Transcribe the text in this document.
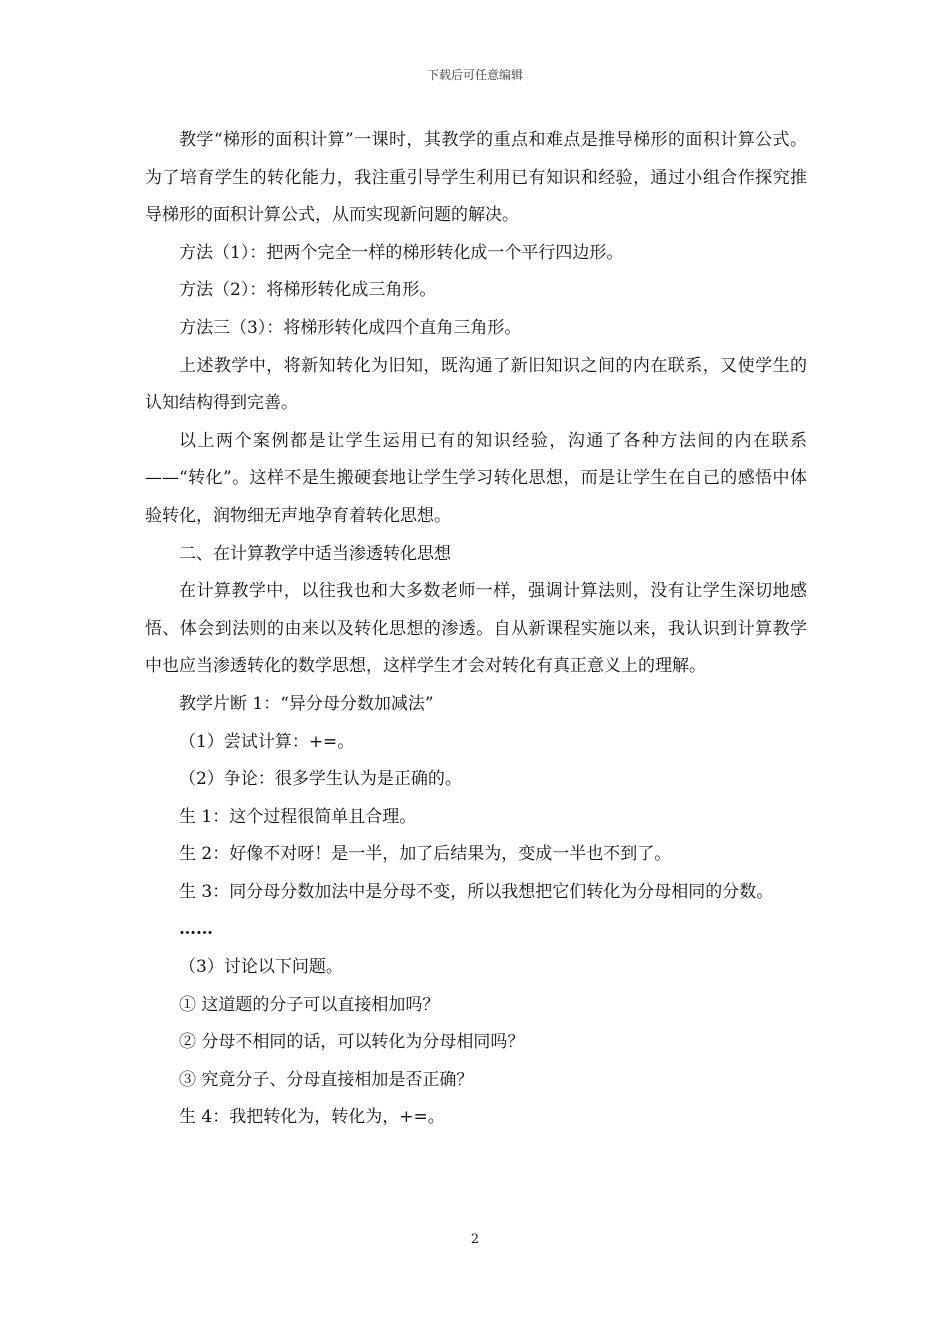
下载后可任意编辑

教学“梯形的面积计算”一课时，其教学的重点和难点是推导梯形的面积计算公式。为了培育学生的转化能力，我注重引导学生利用已有知识和经验，通过小组合作探究推导梯形的面积计算公式，从而实现新问题的解决。

方法（1）：把两个完全一样的梯形转化成一个平行四边形。

方法（2）：将梯形转化成三角形。

方法三（3）：将梯形转化成四个直角三角形。

上述教学中，将新知转化为旧知，既沟通了新旧知识之间的内在联系，又使学生的认知结构得到完善。

以上两个案例都是让学生运用已有的知识经验，沟通了各种方法间的内在联系——“转化”。这样不是生搬硬套地让学生学习转化思想，而是让学生在自己的感悟中体验转化，润物细无声地孕育着转化思想。

二、在计算教学中适当渗透转化思想

在计算教学中，以往我也和大多数老师一样，强调计算法则，没有让学生深切地感悟、体会到法则的由来以及转化思想的渗透。自从新课程实施以来，我认识到计算教学中也应当渗透转化的数学思想，这样学生才会对转化有真正意义上的理解。

教学片断 1：“异分母分数加减法”

（1）尝试计算：+=。

（2）争论：很多学生认为是正确的。

生 1：这个过程很简单且合理。

生 2：好像不对呀！是一半，加了后结果为，变成一半也不到了。

生 3：同分母分数加法中是分母不变，所以我想把它们转化为分母相同的分数。

……

（3）讨论以下问题。

① 这道题的分子可以直接相加吗？

② 分母不相同的话，可以转化为分母相同吗？

③ 究竟分子、分母直接相加是否正确？

生 4：我把转化为，转化为，+=。

2
